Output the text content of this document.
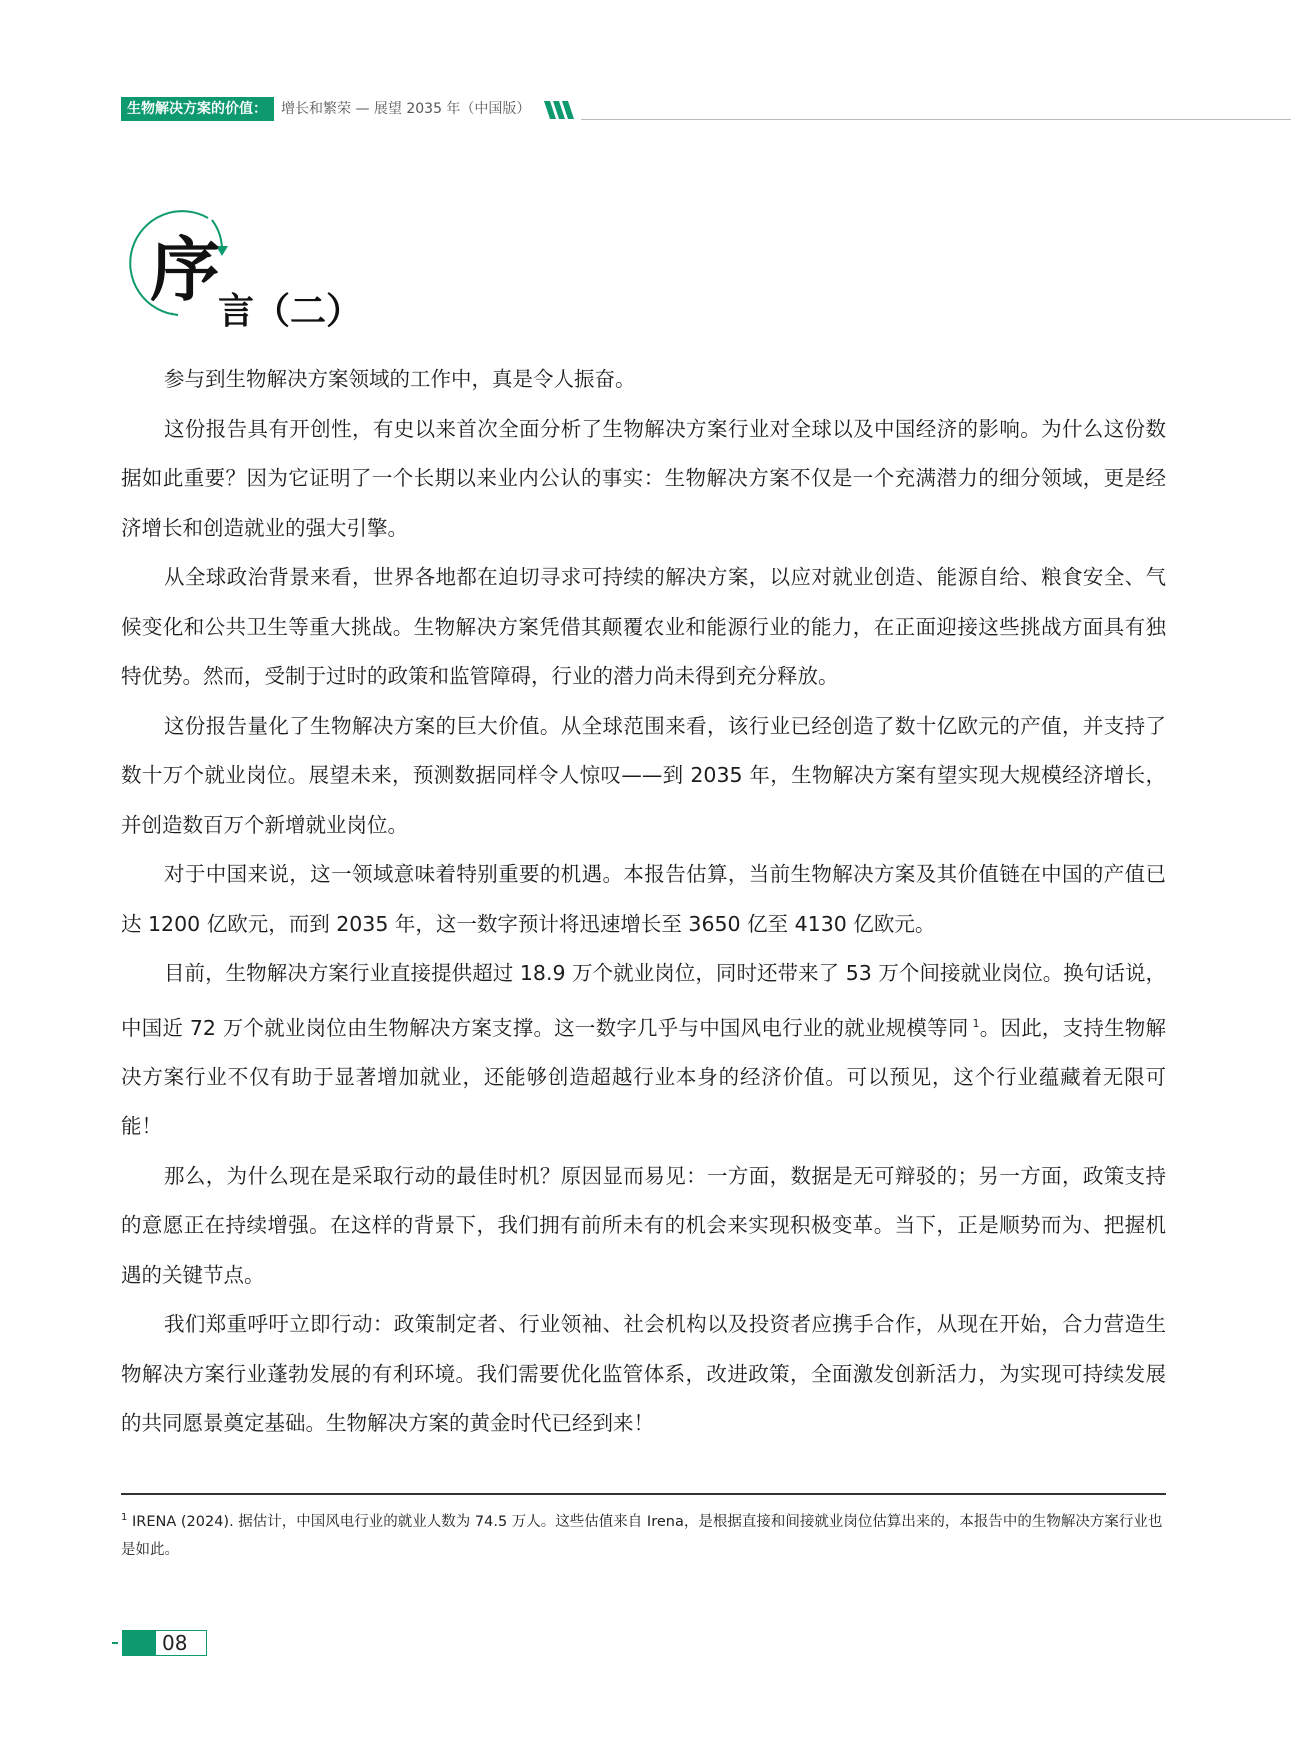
生物解决方案的价值：	增长和繁荣 — 展望 2035 年（中国版）
序
言（二）

参与到生物解决方案领域的工作中，真是令人振奋。

这份报告具有开创性，有史以来首次全面分析了生物解决方案行业对全球以及中国经济的影响。为什么这份数据如此重要？因为它证明了一个长期以来业内公认的事实：生物解决方案不仅是一个充满潜力的细分领域，更是经济增长和创造就业的强大引擎。

从全球政治背景来看，世界各地都在迫切寻求可持续的解决方案，以应对就业创造、能源自给、粮食安全、气候变化和公共卫生等重大挑战。生物解决方案凭借其颠覆农业和能源行业的能力，在正面迎接这些挑战方面具有独特优势。然而，受制于过时的政策和监管障碍，行业的潜力尚未得到充分释放。

这份报告量化了生物解决方案的巨大价值。从全球范围来看，该行业已经创造了数十亿欧元的产值，并支持了数十万个就业岗位。展望未来，预测数据同样令人惊叹——到 2035 年，生物解决方案有望实现大规模经济增长，并创造数百万个新增就业岗位。

对于中国来说，这一领域意味着特别重要的机遇。本报告估算，当前生物解决方案及其价值链在中国的产值已达 1200 亿欧元，而到 2035 年，这一数字预计将迅速增长至 3650 亿至 4130 亿欧元。

目前，生物解决方案行业直接提供超过 18.9 万个就业岗位，同时还带来了 53 万个间接就业岗位。换句话说，中国近 72 万个就业岗位由生物解决方案支撑。这一数字几乎与中国风电行业的就业规模等同 $^1$。因此，支持生物解决方案行业不仅有助于显著增加就业，还能够创造超越行业本身的经济价值。可以预见，这个行业蕴藏着无限可能！

那么，为什么现在是采取行动的最佳时机？原因显而易见：一方面，数据是无可辩驳的；另一方面，政策支持的意愿正在持续增强。在这样的背景下，我们拥有前所未有的机会来实现积极变革。当下，正是顺势而为、把握机遇的关键节点。

我们郑重呼吁立即行动：政策制定者、行业领袖、社会机构以及投资者应携手合作，从现在开始，合力营造生物解决方案行业蓬勃发展的有利环境。我们需要优化监管体系，改进政策，全面激发创新活力，为实现可持续发展的共同愿景奠定基础。生物解决方案的黄金时代已经到来！

$^1$ IRENA (2024). 据估计，中国风电行业的就业人数为 74.5 万人。这些估值来自 Irena，是根据直接和间接就业岗位估算出来的，本报告中的生物解决方案行业也是如此。
08
